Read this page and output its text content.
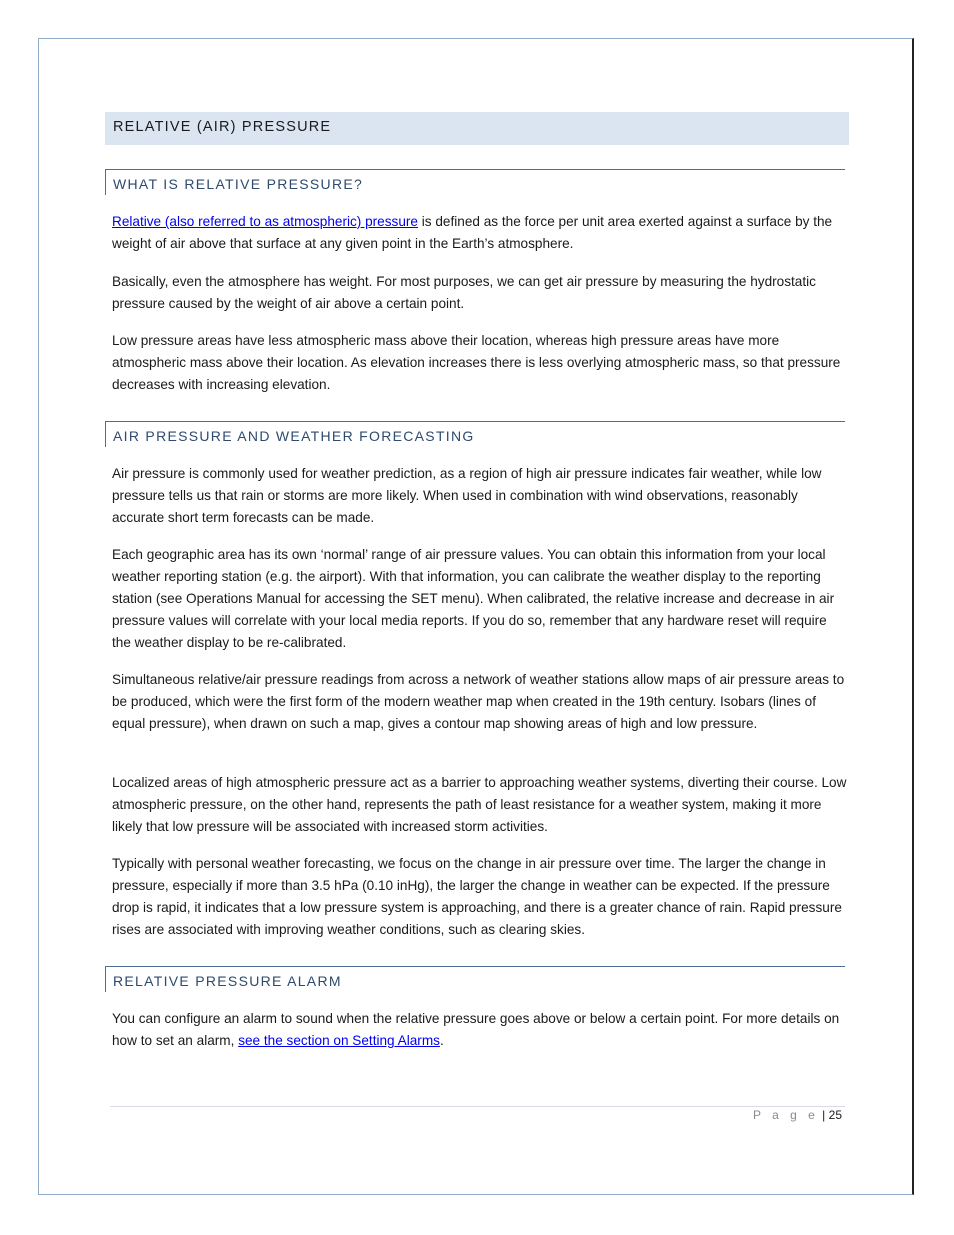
RELATIVE (AIR) PRESSURE
WHAT IS RELATIVE PRESSURE?

Relative (also referred to as atmospheric) pressure is defined as the force per unit area exerted against a surface by the weight of air above that surface at any given point in the Earth’s atmosphere.

Basically, even the atmosphere has weight. For most purposes, we can get air pressure by measuring the hydrostatic pressure caused by the weight of air above a certain point.

Low pressure areas have less atmospheric mass above their location, whereas high pressure areas have more atmospheric mass above their location. As elevation increases there is less overlying atmospheric mass, so that pressure decreases with increasing elevation.

AIR PRESSURE AND WEATHER FORECASTING

Air pressure is commonly used for weather prediction, as a region of high air pressure indicates fair weather, while low pressure tells us that rain or storms are more likely. When used in combination with wind observations, reasonably accurate short term forecasts can be made.

Each geographic area has its own ‘normal’ range of air pressure values. You can obtain this information from your local weather reporting station (e.g. the airport). With that information, you can calibrate the weather display to the reporting station (see Operations Manual for accessing the SET menu). When calibrated, the relative increase and decrease in air pressure values will correlate with your local media reports. If you do so, remember that any hardware reset will require the weather display to be re-calibrated.

Simultaneous relative/air pressure readings from across a network of weather stations allow maps of air pressure areas to be produced, which were the first form of the modern weather map when created in the 19th century. Isobars (lines of equal pressure), when drawn on such a map, gives a contour map showing areas of high and low pressure.

Localized areas of high atmospheric pressure act as a barrier to approaching weather systems, diverting their course. Low atmospheric pressure, on the other hand, represents the path of least resistance for a weather system, making it more likely that low pressure will be associated with increased storm activities.

Typically with personal weather forecasting, we focus on the change in air pressure over time. The larger the change in pressure, especially if more than 3.5 hPa (0.10 inHg), the larger the change in weather can be expected. If the pressure drop is rapid, it indicates that a low pressure system is approaching, and there is a greater chance of rain. Rapid pressure rises are associated with improving weather conditions, such as clearing skies.

RELATIVE PRESSURE ALARM

You can configure an alarm to sound when the relative pressure goes above or below a certain point. For more details on how to set an alarm, see the section on Setting Alarms.

P a g e | 25
